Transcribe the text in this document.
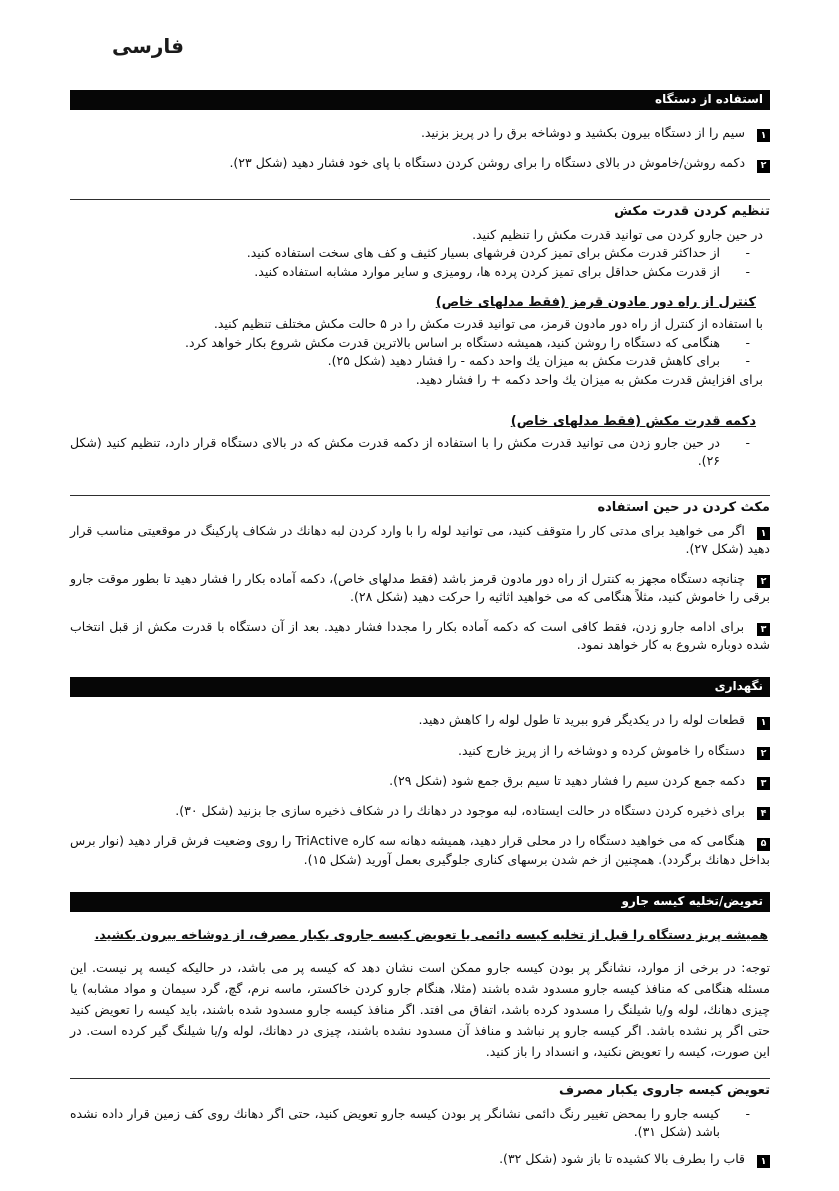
فارسی
استفاده از دستگاه
۱ سیم را از دستگاه بیرون بکشید و دوشاخه برق را در پریز بزنید.
۲ دکمه روشن/خاموش در بالای دستگاه را برای روشن کردن دستگاه با پای خود فشار دهید (شکل ۲۳).
تنظیم کردن قدرت مکش
در حین جارو کردن می توانید قدرت مکش را تنظیم کنید.
-
از حداکثر قدرت مکش برای تمیز کردن فرشهای بسیار کثیف و کف های سخت استفاده کنید.
-
از قدرت مکش حداقل برای تمیز کردن پرده ها، رومیزی و سایر موارد مشابه استفاده کنید.
کنترل از راه دور مادون قرمز (فقط مدلهای خاص)
با استفاده از کنترل از راه دور مادون قرمز، می توانید قدرت مکش را در ۵ حالت مکش مختلف تنظیم کنید.
-
هنگامی که دستگاه را روشن کنید، همیشه دستگاه بر اساس بالاترین قدرت مکش شروع بکار خواهد کرد.
-
برای کاهش قدرت مکش به میزان یك واحد دکمه - را فشار دهید (شکل ۲۵).
برای افزایش قدرت مکش به میزان یك واحد دکمه + را فشار دهید.
دکمه قدرت مکش (فقط مدلهای خاص)
-
در حین جارو زدن می توانید قدرت مکش را با استفاده از دکمه قدرت مکش که در بالای دستگاه قرار دارد، تنظیم کنید (شکل ۲۶).
مکث کردن در حین استفاده
۱ اگر می خواهید برای مدتی کار را متوقف کنید، می توانید لوله را با وارد کردن لبه دهانك در شکاف پارکینگ در موقعیتی مناسب قرار دهید (شکل ۲۷).
۲ چنانچه دستگاه مجهز به کنترل از راه دور مادون قرمز باشد (فقط مدلهای خاص)، دکمه آماده بکار را فشار دهید تا بطور موقت جارو برقی را خاموش کنید، مثلاً هنگامی که می خواهید اثاثیه را حرکت دهید (شکل ۲۸).
۳ برای ادامه جارو زدن، فقط کافی است که دکمه آماده بکار را مجددا فشار دهید. بعد از آن دستگاه با قدرت مکش از قبل انتخاب شده دوباره شروع به کار خواهد نمود.
نگهداری
۱ قطعات لوله را در یکدیگر فرو ببرید تا طول لوله را کاهش دهید.
۲ دستگاه را خاموش کرده و دوشاخه را از پریز خارج کنید.
۳ دکمه جمع کردن سیم را فشار دهید تا سیم برق جمع شود (شکل ۲۹).
۴ برای ذخیره کردن دستگاه در حالت ایستاده، لبه موجود در دهانك را در شکاف ذخیره سازی جا بزنید (شکل ۳۰).
۵ هنگامی که می خواهید دستگاه را در محلی قرار دهید، همیشه دهانه سه کاره TriActive را روی وضعیت فرش قرار دهید (نوار برس بداخل دهانك برگردد). همچنین از خم شدن برسهای کناری جلوگیری بعمل آورید (شکل ۱۵).
تعویض/تخلیه کیسه جارو
همیشه پریز دستگاه را قبل از تخلیه کیسه دائمی یا تعویض کیسه جاروی یکبار مصرف، از دوشاخه بیرون بکشید.
توجه: در برخی از موارد، نشانگر پر بودن کیسه جارو ممکن است نشان دهد که کیسه پر می باشد، در حالیکه کیسه پر نیست. این مسئله هنگامی که منافذ کیسه جارو مسدود شده باشند (مثلا، هنگام جارو کردن خاکستر، ماسه نرم، گچ، گرد سیمان و مواد مشابه) یا چیزی دهانك، لوله و/یا شیلنگ را مسدود کرده باشد، اتفاق می افتد. اگر منافذ کیسه جارو مسدود شده باشند، باید کیسه را تعویض کنید حتی اگر پر نشده باشد. اگر کیسه جارو پر نباشد و منافذ آن مسدود نشده باشند، چیزی در دهانك، لوله و/یا شیلنگ گیر کرده است. در این صورت، کیسه را تعویض نکنید، و انسداد را باز کنید.
تعویض کیسه جاروی یکبار مصرف
-
کیسه جارو را بمحض تغییر رنگ دائمی نشانگر پر بودن کیسه جارو تعویض کنید، حتی اگر دهانك روی کف زمین قرار داده نشده باشد (شکل ۳۱).
۱ قاب را بطرف بالا کشیده تا باز شود (شکل ۳۲).
